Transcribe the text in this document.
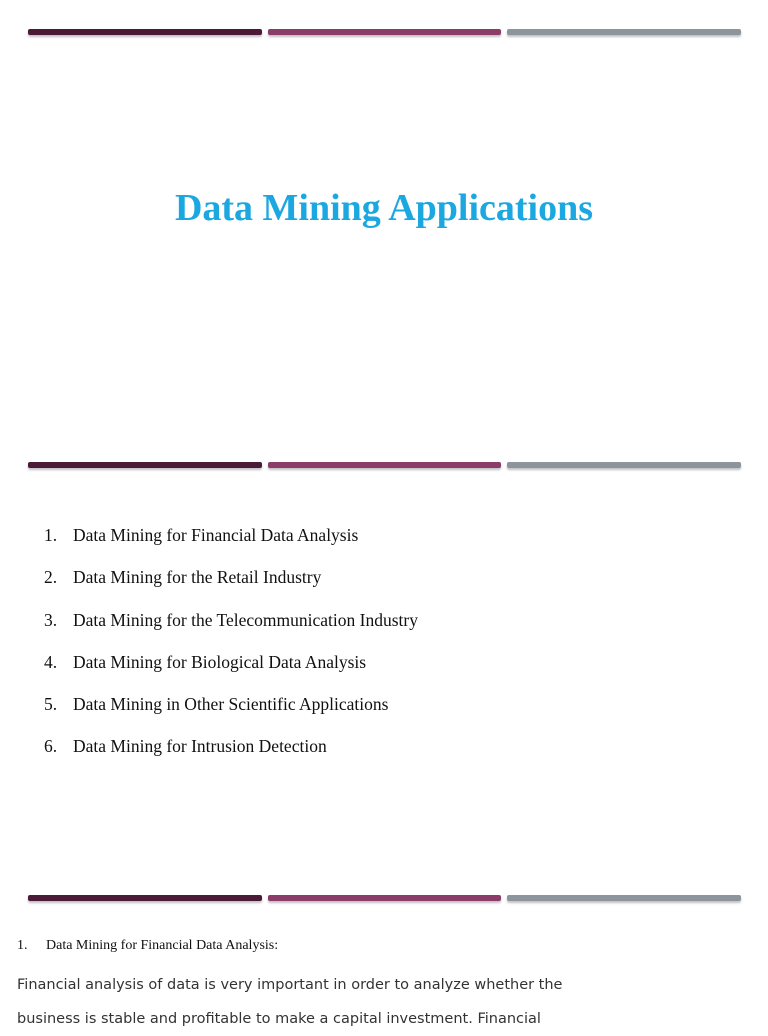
Data Mining Applications
1. Data Mining for Financial Data Analysis
2. Data Mining for the Retail Industry
3. Data Mining for the Telecommunication Industry
4. Data Mining for Biological Data Analysis
5. Data Mining in Other Scientific Applications
6. Data Mining for Intrusion Detection
1.	Data Mining for Financial Data Analysis:

Financial analysis of data is very important in order to analyze whether the
business is stable and profitable to make a capital investment. Financial
